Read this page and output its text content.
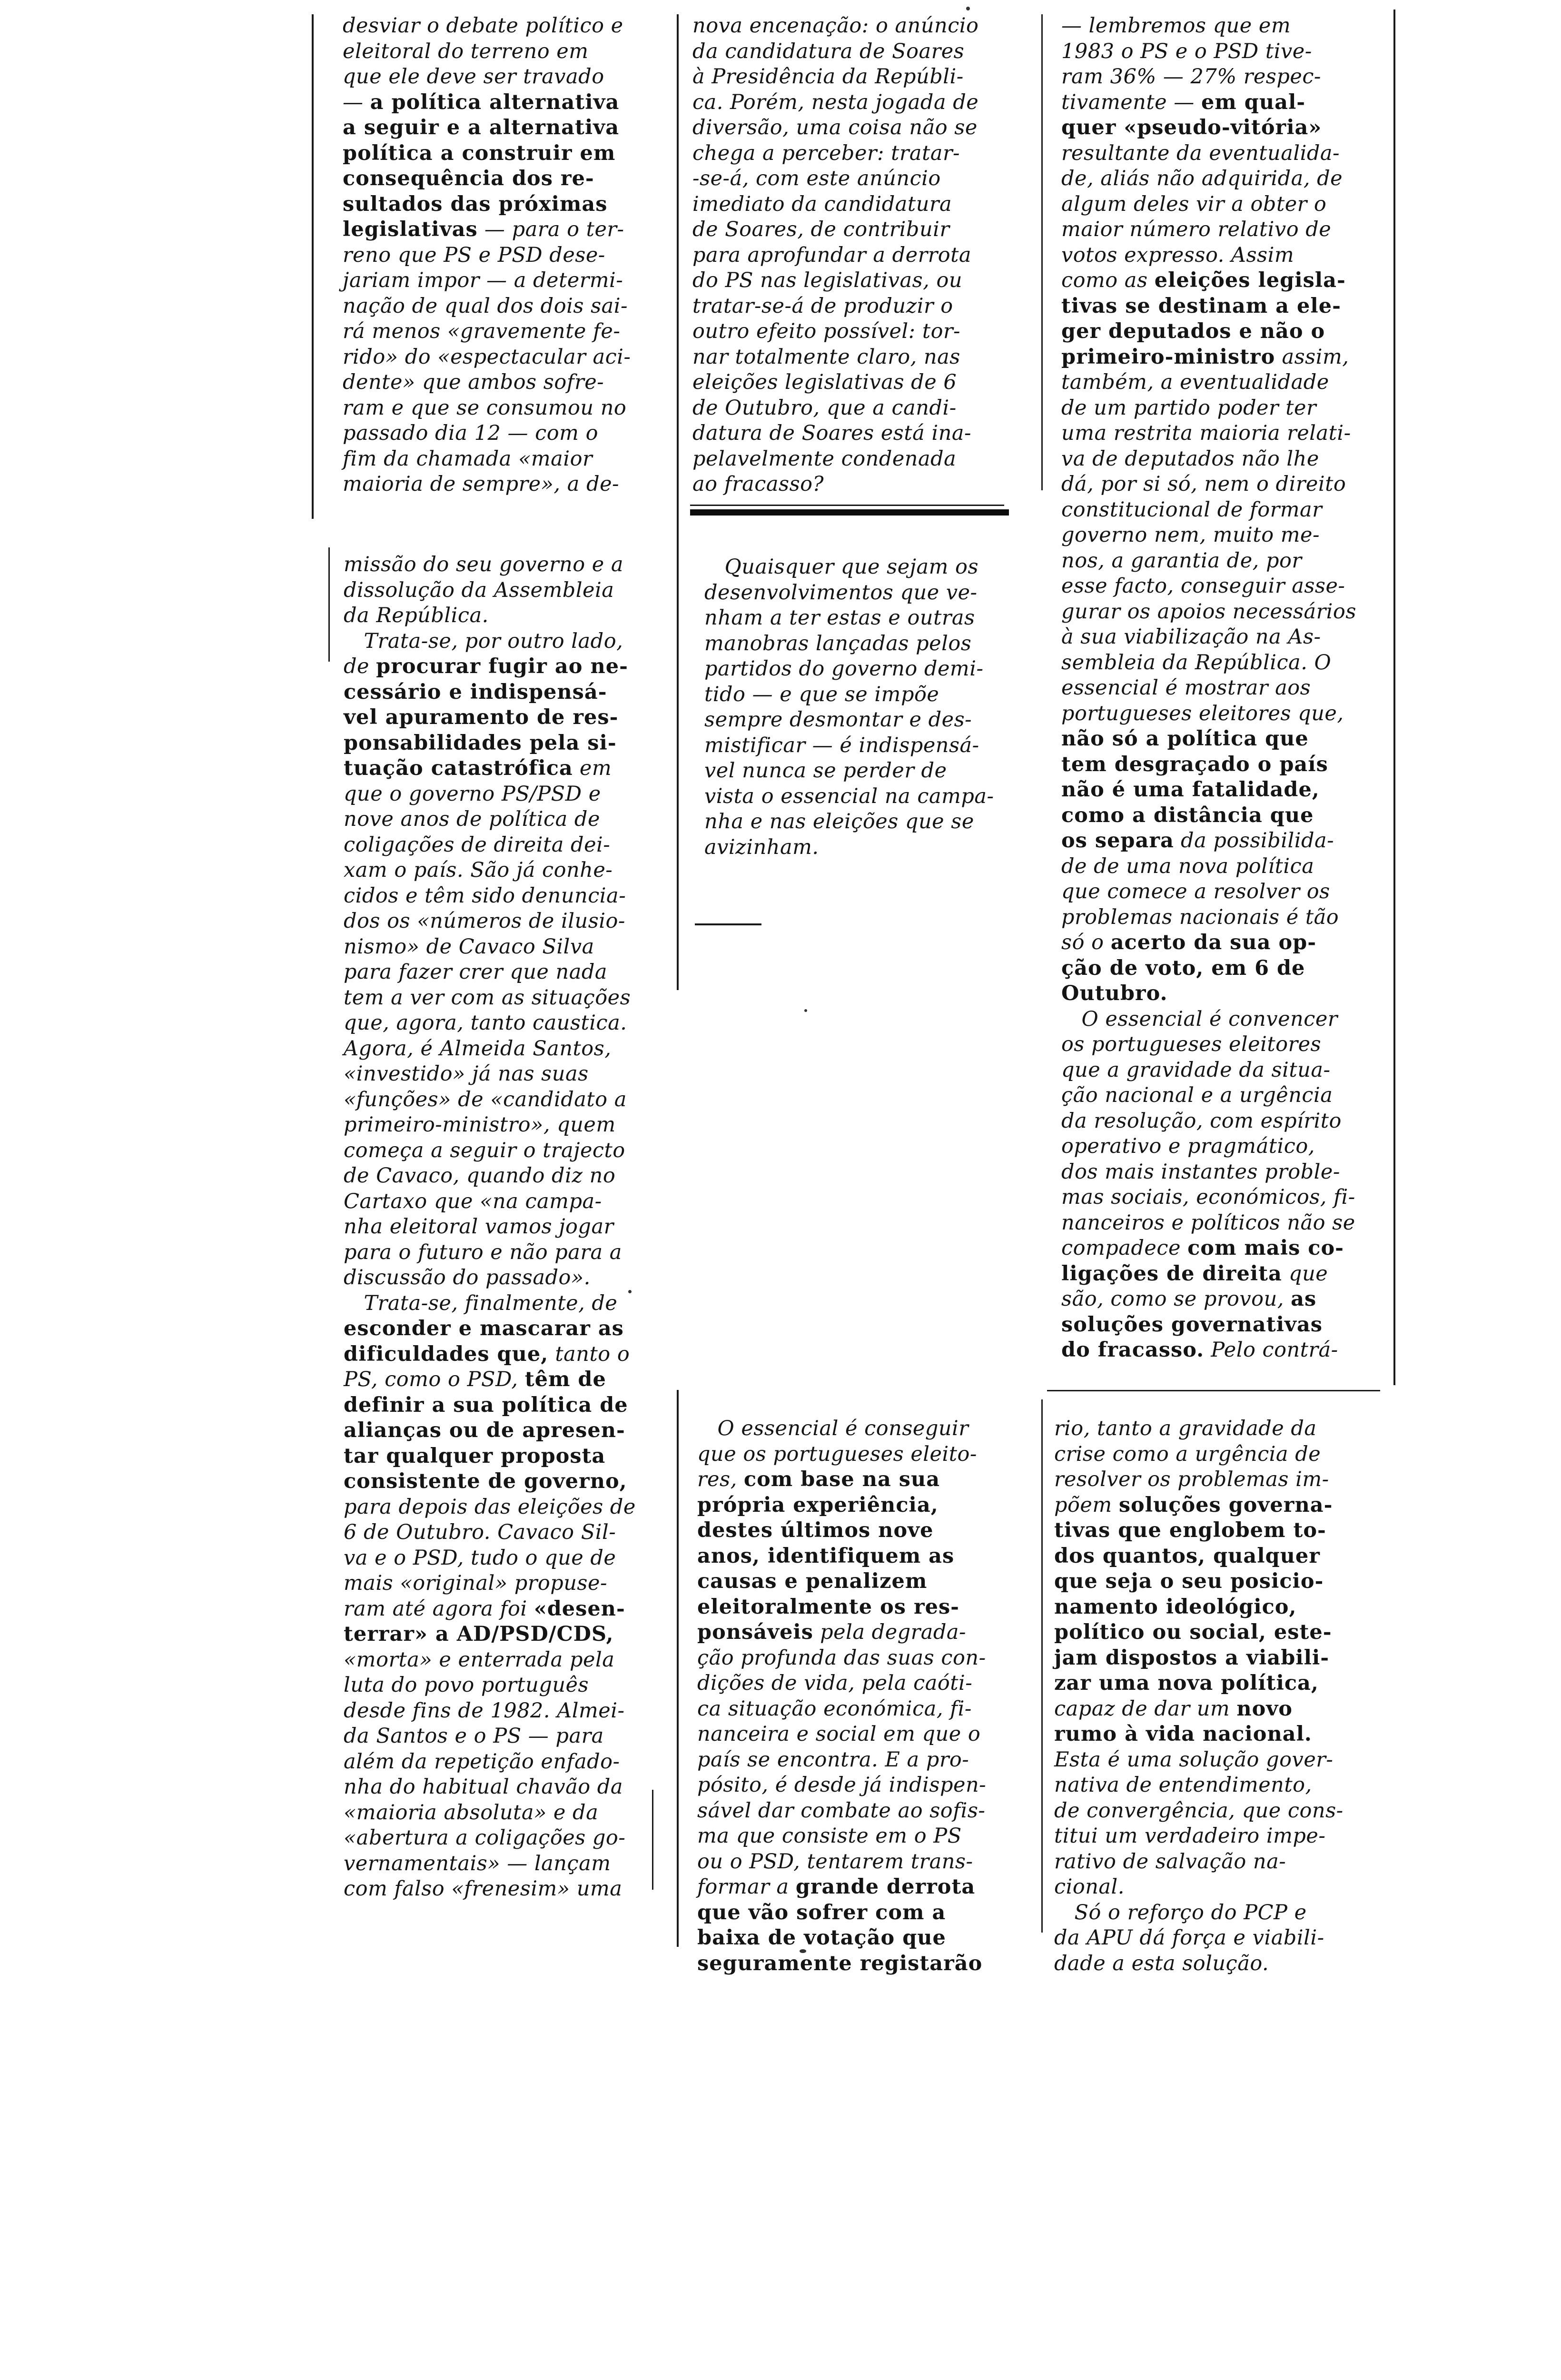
desviar o debate político e
eleitoral do terreno em
que ele deve ser travado
— a política alternativa
a seguir e a alternativa
política a construir em
consequência dos re-
sultados das próximas
legislativas — para o ter-
reno que PS e PSD dese-
jariam impor — a determi-
nação de qual dos dois sai-
rá menos «gravemente fe-
rido» do «espectacular aci-
dente» que ambos sofre-
ram e que se consumou no
passado dia 12 — com o
fim da chamada «maior
maioria de sempre», a de-
nova encenação: o anúncio
da candidatura de Soares
à Presidência da Repúbli-
ca. Porém, nesta jogada de
diversão, uma coisa não se
chega a perceber: tratar-
-se-á, com este anúncio
imediato da candidatura
de Soares, de contribuir
para aprofundar a derrota
do PS nas legislativas, ou
tratar-se-á de produzir o
outro efeito possível: tor-
nar totalmente claro, nas
eleições legislativas de 6
de Outubro, que a candi-
datura de Soares está ina-
pelavelmente condenada
ao fracasso?
— lembremos que em
1983 o PS e o PSD tive-
ram 36% — 27% respec-
tivamente — em qual-
quer «pseudo-vitória»
resultante da eventualida-
de, aliás não adquirida, de
algum deles vir a obter o
maior número relativo de
votos expresso. Assim
como as eleições legisla-
tivas se destinam a ele-
ger deputados e não o
primeiro-ministro assim,
também, a eventualidade
de um partido poder ter
uma restrita maioria relati-
va de deputados não lhe
dá, por si só, nem o direito
constitucional de formar
governo nem, muito me-
nos, a garantia de, por
esse facto, conseguir asse-
gurar os apoios necessários
à sua viabilização na As-
sembleia da República. O
essencial é mostrar aos
portugueses eleitores que,
não só a política que
tem desgraçado o país
não é uma fatalidade,
como a distância que
os separa da possibilida-
de de uma nova política
que comece a resolver os
problemas nacionais é tão
só o acerto da sua op-
ção de voto, em 6 de
Outubro.
O essencial é convencer
os portugueses eleitores
que a gravidade da situa-
ção nacional e a urgência
da resolução, com espírito
operativo e pragmático,
dos mais instantes proble-
mas sociais, económicos, fi-
nanceiros e políticos não se
compadece com mais co-
ligações de direita que
são, como se provou, as
soluções governativas
do fracasso. Pelo contrá-
missão do seu governo e a
dissolução da Assembleia
da República.
Trata-se, por outro lado,
de procurar fugir ao ne-
cessário e indispensá-
vel apuramento de res-
ponsabilidades pela si-
tuação catastrófica em
que o governo PS/PSD e
nove anos de política de
coligações de direita dei-
xam o país. São já conhe-
cidos e têm sido denuncia-
dos os «números de ilusio-
nismo» de Cavaco Silva
para fazer crer que nada
tem a ver com as situações
que, agora, tanto caustica.
Agora, é Almeida Santos,
«investido» já nas suas
«funções» de «candidato a
primeiro-ministro», quem
começa a seguir o trajecto
de Cavaco, quando diz no
Cartaxo que «na campa-
nha eleitoral vamos jogar
para o futuro e não para a
discussão do passado».
Trata-se, finalmente, de
esconder e mascarar as
dificuldades que, tanto o
PS, como o PSD, têm de
definir a sua política de
alianças ou de apresen-
tar qualquer proposta
consistente de governo,
para depois das eleições de
6 de Outubro. Cavaco Sil-
va e o PSD, tudo o que de
mais «original» propuse-
ram até agora foi «desen-
terrar» a AD/PSD/CDS,
«morta» e enterrada pela
luta do povo português
desde fins de 1982. Almei-
da Santos e o PS — para
além da repetição enfado-
nha do habitual chavão da
«maioria absoluta» e da
«abertura a coligações go-
vernamentais» — lançam
com falso «frenesim» uma
Quaisquer que sejam os
desenvolvimentos que ve-
nham a ter estas e outras
manobras lançadas pelos
partidos do governo demi-
tido — e que se impõe
sempre desmontar e des-
mistificar — é indispensá-
vel nunca se perder de
vista o essencial na campa-
nha e nas eleições que se
avizinham.
O essencial é conseguir
que os portugueses eleito-
res, com base na sua
própria experiência,
destes últimos nove
anos, identifiquem as
causas e penalizem
eleitoralmente os res-
ponsáveis pela degrada-
ção profunda das suas con-
dições de vida, pela caóti-
ca situação económica, fi-
nanceira e social em que o
país se encontra. E a pro-
pósito, é desde já indispen-
sável dar combate ao sofis-
ma que consiste em o PS
ou o PSD, tentarem trans-
formar a grande derrota
que vão sofrer com a
baixa de votação que
seguramente registarão
rio, tanto a gravidade da
crise como a urgência de
resolver os problemas im-
põem soluções governa-
tivas que englobem to-
dos quantos, qualquer
que seja o seu posicio-
namento ideológico,
político ou social, este-
jam dispostos a viabili-
zar uma nova política,
capaz de dar um novo
rumo à vida nacional.
Esta é uma solução gover-
nativa de entendimento,
de convergência, que cons-
titui um verdadeiro impe-
rativo de salvação na-
cional.
Só o reforço do PCP e
da APU dá força e viabili-
dade a esta solução.
